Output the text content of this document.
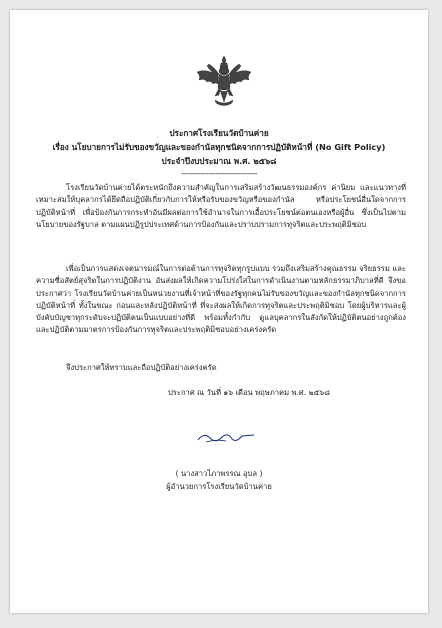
ประกาศโรงเรียนวัดบ้านค่าย
เรื่อง นโยบายการไม่รับของขวัญและของกำนัลทุกชนิดจากการปฏิบัติหน้าที่ (No Gift Policy)
ประจำปีงบประมาณ พ.ศ. ๒๕๖๘
-------------------------------

โรงเรียนวัดบ้านค่ายได้ตระหนักถึงความสำคัญในการเสริมสร้างวัฒนธรรมองค์กร ค่านิยม และแนวทางที่เหมาะสมให้บุคลากรได้ยึดถือปฏิบัติเกี่ยวกับการให้หรือรับของขวัญหรือของกำนัล หรือประโยชน์อื่นใดจากการปฏิบัติหน้าที่ เพื่อป้องกันการกระทำอันมีผลต่อการใช้อำนาจในการเอื้อประโยชน์ต่อตนเองหรือผู้อื่น ซึ่งเป็นไปตามนโยบายของรัฐบาล ตามแผนปฏิรูปประเทศด้านการป้องกันและปราบปรามการทุจริตและประพฤติมิชอบ

เพื่อเป็นการแสดงเจตนารมณ์ในการต่อต้านการทุจริตทุกรูปแบบ รวมถึงเสริมสร้างคุณธรรม จริยธรรม และความซื่อสัตย์สุจริตในการปฏิบัติงาน อันส่งผลให้เกิดความโปร่งใสในการดำเนินงานตามหลักธรรมาภิบาลที่ดี จึงขอประกาศว่า โรงเรียนวัดบ้านค่ายเป็นหน่วยงานที่เจ้าหน้าที่ของรัฐทุกคนไม่รับของขวัญและของกำนัลทุกชนิดจากการปฏิบัติหน้าที่ ทั้งในขณะ ก่อนและหลังปฏิบัติหน้าที่ ที่จะส่งผลให้เกิดการทุจริตและประพฤติมิชอบ โดยผู้บริหารและผู้บังคับบัญชาทุกระดับจะปฏิบัติตนเป็นแบบอย่างที่ดี พร้อมทั้งกำกับ ดูแลบุคลากรในสังกัดให้ปฏิบัติตนอย่างถูกต้อง และปฏิบัติตามมาตรการป้องกันการทุจริตและประพฤติมิชอบอย่างเคร่งครัด

จึงประกาศให้ทราบและถือปฏิบัติอย่างเคร่งครัด

ประกาศ ณ วันที่ ๑๖ เดือน พฤษภาคม พ.ศ. ๒๕๖๘
( นางสาวไภาพรรณ อุบล )
ผู้อำนวยการโรงเรียนวัดบ้านค่าย
